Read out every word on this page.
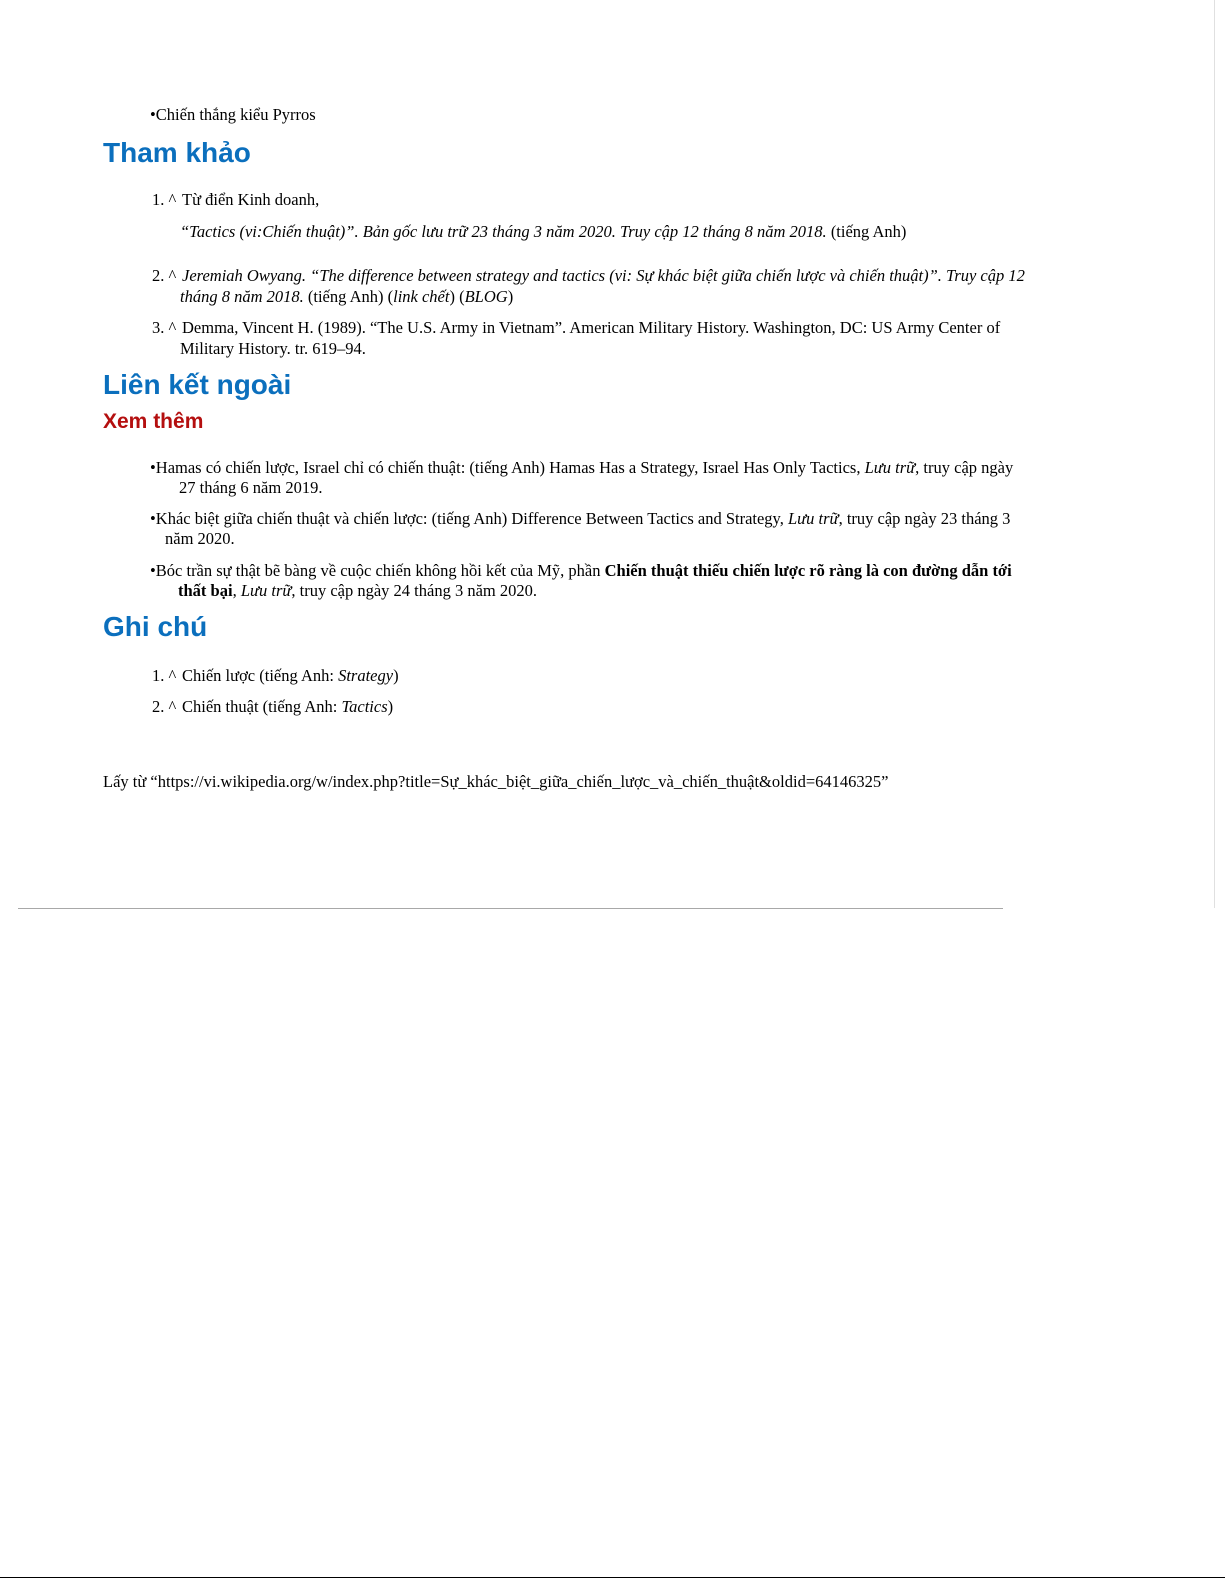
•Chiến thắng kiểu Pyrros
Tham khảo
1. ^ Từ điển Kinh doanh,
“Tactics (vi:Chiến thuật)”. Bản gốc lưu trữ 23 tháng 3 năm 2020. Truy cập 12 tháng 8 năm 2018. (tiếng Anh)
2. ^ Jeremiah Owyang. “The difference between strategy and tactics (vi: Sự khác biệt giữa chiến lược và chiến thuật)”. Truy cập 12
tháng 8 năm 2018. (tiếng Anh) (link chết) (BLOG)
3. ^ Demma, Vincent H. (1989). “The U.S. Army in Vietnam”. American Military History. Washington, DC: US Army Center of
Military History. tr. 619–94.
Liên kết ngoài
Xem thêm
•Hamas có chiến lược, Israel chỉ có chiến thuật: (tiếng Anh) Hamas Has a Strategy, Israel Has Only Tactics, Lưu trữ, truy cập ngày
27 tháng 6 năm 2019.
•Khác biệt giữa chiến thuật và chiến lược: (tiếng Anh) Difference Between Tactics and Strategy, Lưu trữ, truy cập ngày 23 tháng 3
năm 2020.
•Bóc trần sự thật bẽ bàng về cuộc chiến không hồi kết của Mỹ, phần Chiến thuật thiếu chiến lược rõ ràng là con đường dẫn tới
thất bại, Lưu trữ, truy cập ngày 24 tháng 3 năm 2020.
Ghi chú
1. ^ Chiến lược (tiếng Anh: Strategy)
2. ^ Chiến thuật (tiếng Anh: Tactics)
Lấy từ “https://vi.wikipedia.org/w/index.php?title=Sự_khác_biệt_giữa_chiến_lược_và_chiến_thuật&oldid=64146325”
